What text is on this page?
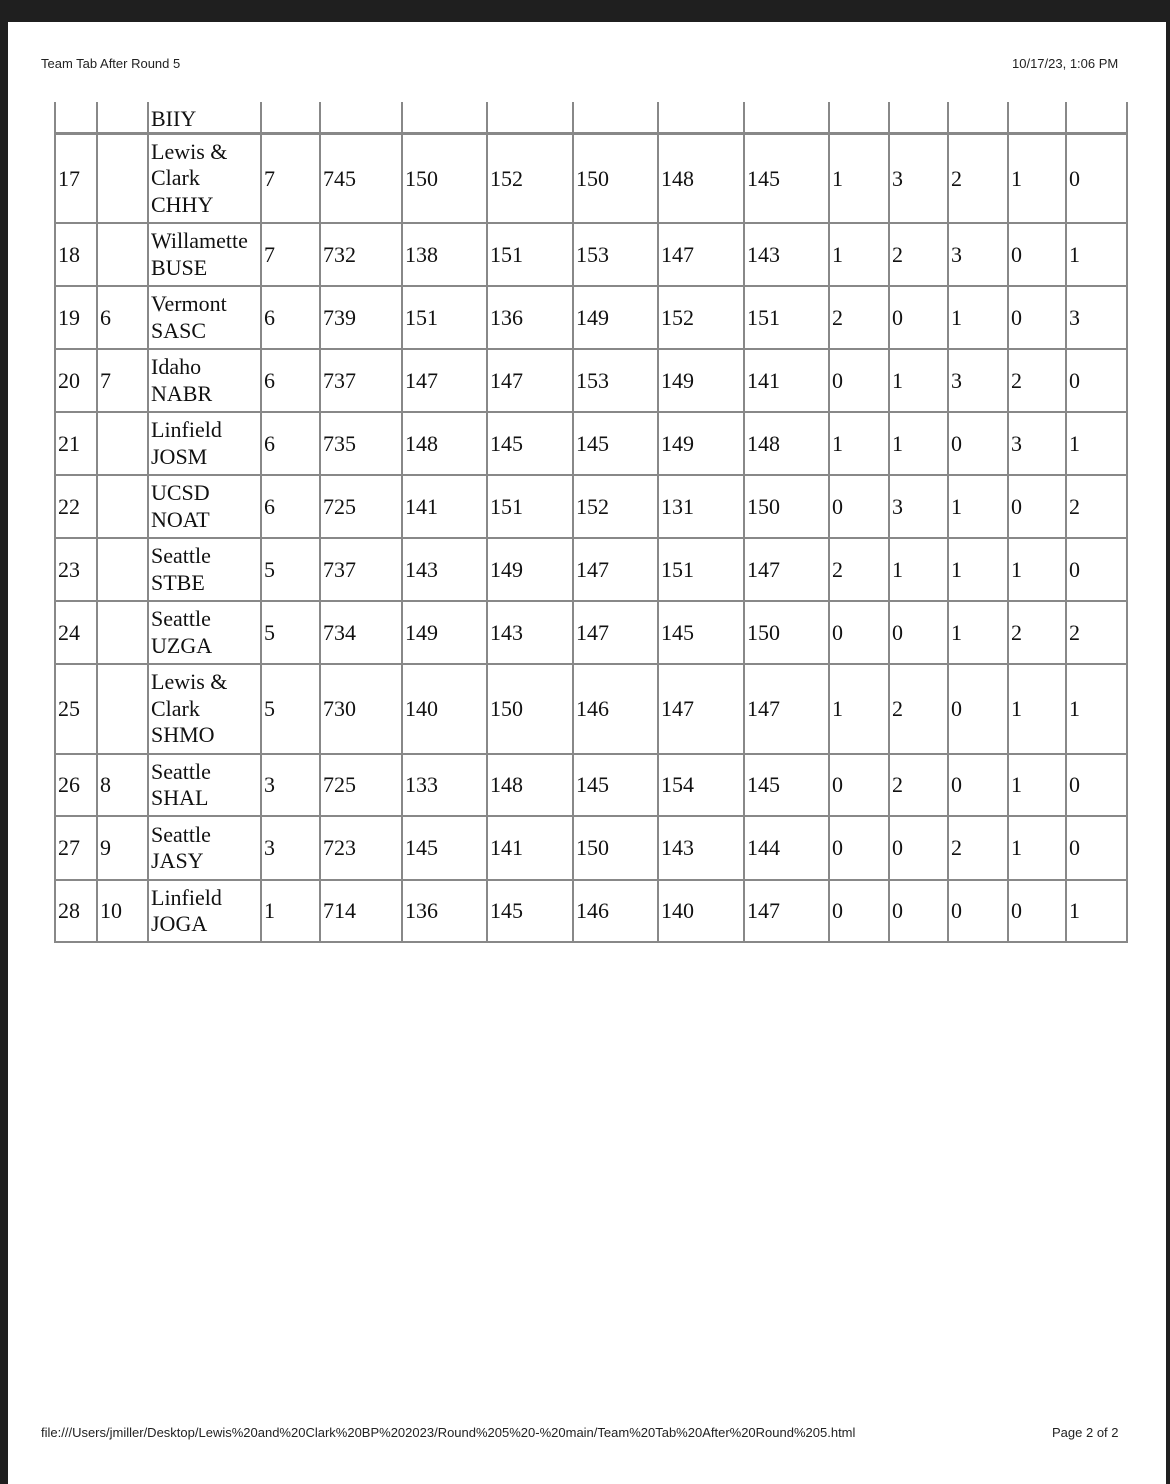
Team Tab After Round 5	10/17/23, 1:06 PM

		BIIY												

17		Lewis &
Clark
CHHY	7	745	150	152	150	148	145	1	3	2	1	0
18		Willamette
BUSE	7	732	138	151	153	147	143	1	2	3	0	1
19	6	Vermont
SASC	6	739	151	136	149	152	151	2	0	1	0	3
20	7	Idaho
NABR	6	737	147	147	153	149	141	0	1	3	2	0
21		Linfield
JOSM	6	735	148	145	145	149	148	1	1	0	3	1
22		UCSD
NOAT	6	725	141	151	152	131	150	0	3	1	0	2
23		Seattle
STBE	5	737	143	149	147	151	147	2	1	1	1	0
24		Seattle
UZGA	5	734	149	143	147	145	150	0	0	1	2	2
25		Lewis &
Clark
SHMO	5	730	140	150	146	147	147	1	2	0	1	1
26	8	Seattle
SHAL	3	725	133	148	145	154	145	0	2	0	1	0
27	9	Seattle
JASY	3	723	145	141	150	143	144	0	0	2	1	0
28	10	Linfield
JOGA	1	714	136	145	146	140	147	0	0	0	0	1
file:///Users/jmiller/Desktop/Lewis%20and%20Clark%20BP%202023/Round%205%20-%20main/Team%20Tab%20After%20Round%205.html	Page 2 of 2
